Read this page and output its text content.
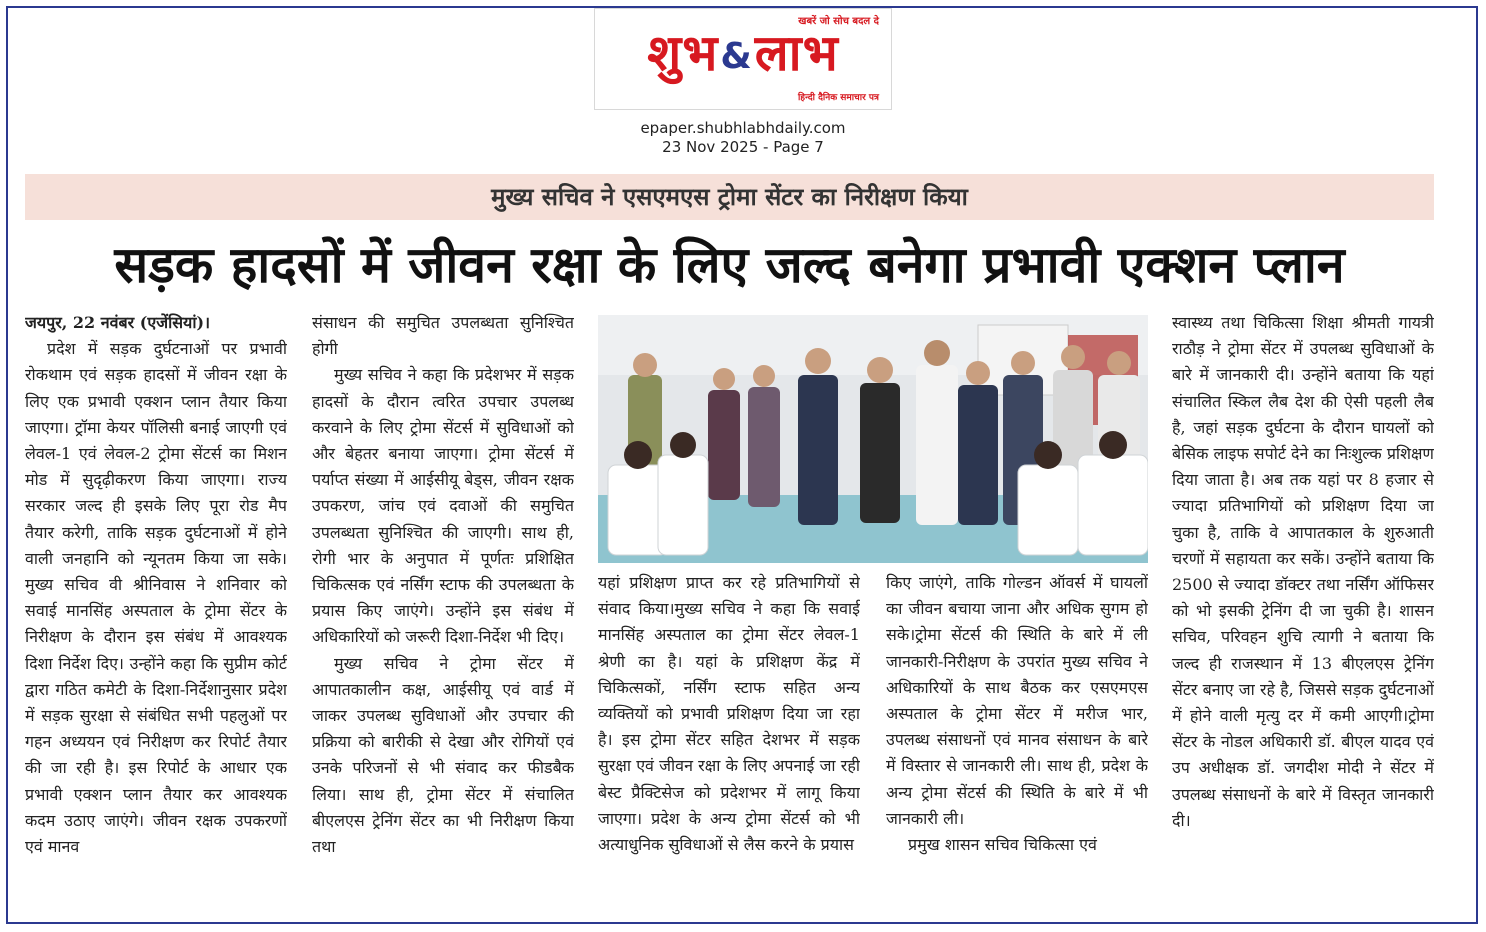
खबरें जो सोच बदल दे
शुभ&लाभ
हिन्दी दैनिक समाचार पत्र
epaper.shubhlabhdaily.com
23 Nov 2025 - Page 7
मुख्य सचिव ने एसएमएस ट्रोमा सेंटर का निरीक्षण किया
सड़क हादसों में जीवन रक्षा के लिए जल्द बनेगा प्रभावी एक्शन प्लान
जयपुर, 22 नवंबर (एजेंसियां)।

प्रदेश में सड़क दुर्घटनाओं पर प्रभावी रोकथाम एवं सड़क हादसों में जीवन रक्षा के लिए एक प्रभावी एक्शन प्लान तैयार किया जाएगा। ट्रॉमा केयर पॉलिसी बनाई जाएगी एवं लेवल-1 एवं लेवल-2 ट्रोमा सेंटर्स का मिशन मोड में सुदृढ़ीकरण किया जाएगा। राज्य सरकार जल्द ही इसके लिए पूरा रोड मैप तैयार करेगी, ताकि सड़क दुर्घटनाओं में होने वाली जनहानि को न्यूनतम किया जा सके।मुख्य सचिव वी श्रीनिवास ने शनिवार को सवाई मानसिंह अस्पताल के ट्रोमा सेंटर के निरीक्षण के दौरान इस संबंध में आवश्यक दिशा निर्देश दिए। उन्होंने कहा कि सुप्रीम कोर्ट द्वारा गठित कमेटी के दिशा-निर्देशानुसार प्रदेश में सड़क सुरक्षा से संबंधित सभी पहलुओं पर गहन अध्ययन एवं निरीक्षण कर रिपोर्ट तैयार की जा रही है। इस रिपोर्ट के आधार एक प्रभावी एक्शन प्लान तैयार कर आवश्यक कदम उठाए जाएंगे। जीवन रक्षक उपकरणों एवं मानव

संसाधन की समुचित उपलब्धता सुनिश्चित होगी

मुख्य सचिव ने कहा कि प्रदेशभर में सड़क हादसों के दौरान त्वरित उपचार उपलब्ध करवाने के लिए ट्रोमा सेंटर्स में सुविधाओं को और बेहतर बनाया जाएगा। ट्रोमा सेंटर्स में पर्याप्त संख्या में आईसीयू बेड्स, जीवन रक्षक उपकरण, जांच एवं दवाओं की समुचित उपलब्धता सुनिश्चित की जाएगी। साथ ही, रोगी भार के अनुपात में पूर्णतः प्रशिक्षित चिकित्सक एवं नर्सिंग स्टाफ की उपलब्धता के प्रयास किए जाएंगे। उन्होंने इस संबंध में अधिकारियों को जरूरी दिशा-निर्देश भी दिए।

मुख्य सचिव ने ट्रोमा सेंटर में आपातकालीन कक्ष, आईसीयू एवं वार्ड में जाकर उपलब्ध सुविधाओं और उपचार की प्रक्रिया को बारीकी से देखा और रोगियों एवं उनके परिजनों से भी संवाद कर फीडबैक लिया। साथ ही, ट्रोमा सेंटर में संचालित बीएलएस ट्रेनिंग सेंटर का भी निरीक्षण किया तथा

यहां प्रशिक्षण प्राप्त कर रहे प्रतिभागियों से संवाद किया।मुख्य सचिव ने कहा कि सवाई मानसिंह अस्पताल का ट्रोमा सेंटर लेवल-1 श्रेणी का है। यहां के प्रशिक्षण केंद्र में चिकित्सकों, नर्सिंग स्टाफ सहित अन्य व्यक्तियों को प्रभावी प्रशिक्षण दिया जा रहा है। इस ट्रोमा सेंटर सहित देशभर में सड़क सुरक्षा एवं जीवन रक्षा के लिए अपनाई जा रही बेस्ट प्रैक्टिसेज को प्रदेशभर में लागू किया जाएगा। प्रदेश के अन्य ट्रोमा सेंटर्स को भी अत्याधुनिक सुविधाओं से लैस करने के प्रयास

किए जाएंगे, ताकि गोल्डन ऑवर्स में घायलों का जीवन बचाया जाना और अधिक सुगम हो सके।ट्रोमा सेंटर्स की स्थिति के बारे में ली जानकारी-निरीक्षण के उपरांत मुख्य सचिव ने अधिकारियों के साथ बैठक कर एसएमएस अस्पताल के ट्रोमा सेंटर में मरीज भार, उपलब्ध संसाधनों एवं मानव संसाधन के बारे में विस्तार से जानकारी ली। साथ ही, प्रदेश के अन्य ट्रोमा सेंटर्स की स्थिति के बारे में भी जानकारी ली।

प्रमुख शासन सचिव चिकित्सा एवं

स्वास्थ्य तथा चिकित्सा शिक्षा श्रीमती गायत्री राठौड़ ने ट्रोमा सेंटर में उपलब्ध सुविधाओं के बारे में जानकारी दी। उन्होंने बताया कि यहां संचालित स्किल लैब देश की ऐसी पहली लैब है, जहां सड़क दुर्घटना के दौरान घायलों को बेसिक लाइफ सपोर्ट देने का निःशुल्क प्रशिक्षण दिया जाता है। अब तक यहां पर 8 हजार से ज्यादा प्रतिभागियों को प्रशिक्षण दिया जा चुका है, ताकि वे आपातकाल के शुरुआती चरणों में सहायता कर सकें। उन्होंने बताया कि 2500 से ज्यादा डॉक्टर तथा नर्सिंग ऑफिसर को भो इसकी ट्रेनिंग दी जा चुकी है। शासन सचिव, परिवहन शुचि त्यागी ने बताया कि जल्द ही राजस्थान में 13 बीएलएस ट्रेनिंग सेंटर बनाए जा रहे है, जिससे सड़क दुर्घटनाओं में होने वाली मृत्यु दर में कमी आएगी।ट्रोमा सेंटर के नोडल अधिकारी डॉ. बीएल यादव एवं उप अधीक्षक डॉ. जगदीश मोदी ने सेंटर में उपलब्ध संसाधनों के बारे में विस्तृत जानकारी दी।
